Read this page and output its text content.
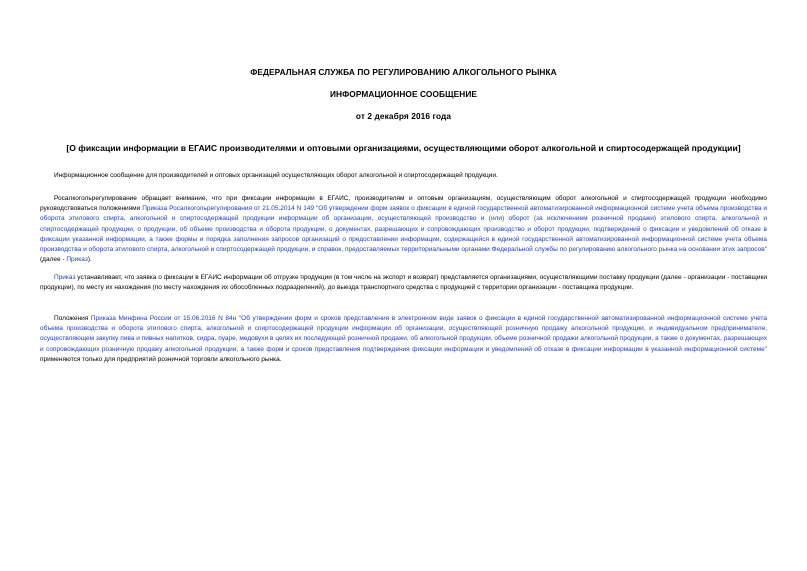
ФЕДЕРАЛЬНАЯ СЛУЖБА ПО РЕГУЛИРОВАНИЮ АЛКОГОЛЬНОГО РЫНКА
ИНФОРМАЦИОННОЕ СООБЩЕНИЕ
от 2 декабря 2016 года
[О фиксации информации в ЕГАИС производителями и оптовыми организациями, осуществляющими оборот алкогольной и спиртосодержащей продукции]

Информационное сообщение для производителей и оптовых организаций осуществляющих оборот алкогольной и спиртосодержащей продукции.

Росалкогольрегулирование обращает внимание, что при фиксации информации в ЕГАИС, производителям и оптовым организациям, осуществляющим оборот алкогольной и спиртосодержащей продукции необходимо руководствоваться положениями Приказа Росалкогольрегулирования от 21.05.2014 N 149 "Об утверждении форм заявок о фиксации в единой государственной автоматизированной информационной системе учета объема производства и оборота этилового спирта, алкогольной и спиртосодержащей продукции информации об организации, осуществляющей производство и (или) оборот (за исключением розничной продажи) этилового спирта, алкогольной и спиртосодержащей продукции, о продукции, об объеме производства и оборота продукции, о документах, разрешающих и сопровождающих производство и оборот продукции, подтверждений о фиксации и уведомлений об отказе в фиксации указанной информации, а также формы и порядка заполнения запросов организаций о предоставлении информации, содержащейся в единой государственной автоматизированной информационной системе учета объема производства и оборота этилового спирта, алкогольной и спиртосодержащей продукции, и справок, предоставляемых территориальными органами Федеральной службы по регулированию алкогольного рынка на основании этих запросов" (далее - Приказ).

Приказ устанавливает, что заявка о фиксации в ЕГАИС информации об отгрузке продукции (в том числе на экспорт и возврат) представляется организациями, осуществляющими поставку продукции (далее - организации - поставщики продукции), по месту их нахождения (по месту нахождения их обособленных подразделений), до выезда транспортного средства с продукцией с территории организации - поставщика продукции.

Положения Приказа Минфина России от 15.06.2016 N 84н "Об утверждении форм и сроков представления в электронном виде заявок о фиксации в единой государственной автоматизированной информационной системе учета объема производства и оборота этилового спирта, алкогольной и спиртосодержащей продукции информации об организации, осуществляющей розничную продажу алкогольной продукции, и индивидуальном предпринимателе, осуществляющем закупку пива и пивных напитков, сидра, пуаре, медовухи в целях их последующей розничной продажи, об алкогольной продукции, объеме розничной продажи алкогольной продукции, а также о документах, разрешающих и сопровождающих розничную продажу алкогольной продукции, а также форм и сроков представления подтверждения фиксации информации и уведомлений об отказе в фиксации информации в указанной информационной системе" применяются только для предприятий розничной торговли алкогольного рынка.
